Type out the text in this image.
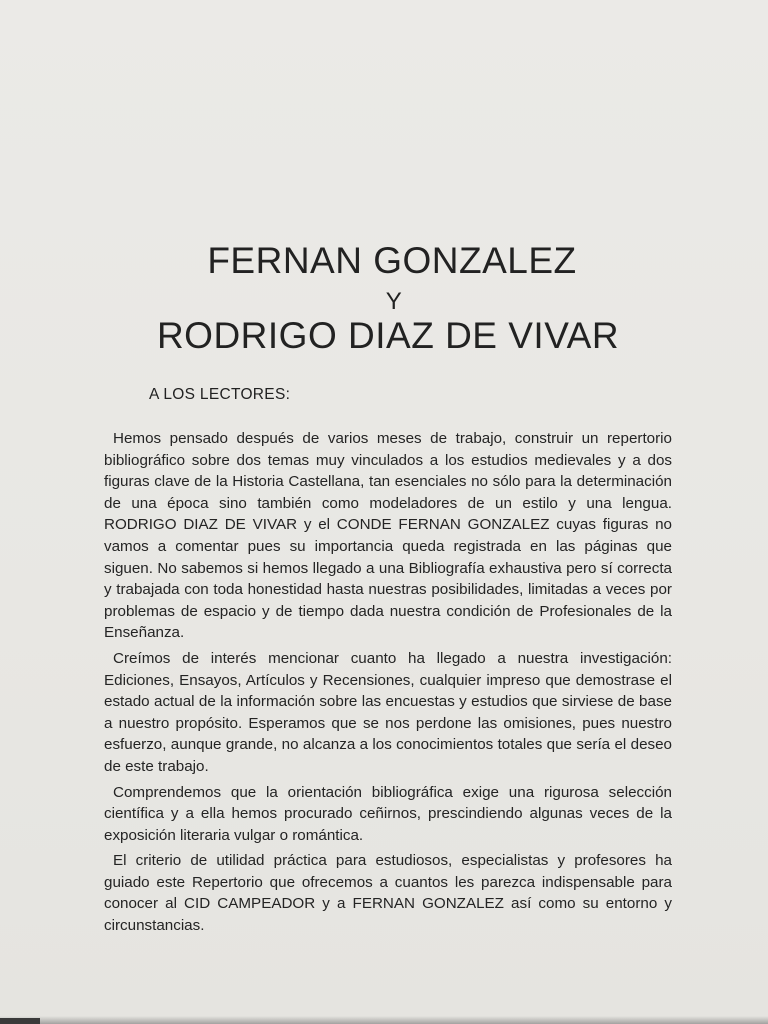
FERNAN GONZALEZ
Y
RODRIGO DIAZ DE VIVAR
A LOS LECTORES:

Hemos pensado después de varios meses de trabajo, construir un repertorio bibliográfico sobre dos temas muy vinculados a los estudios medievales y a dos figuras clave de la Historia Castellana, tan esenciales no sólo para la determinación de una época sino también como modeladores de un estilo y una lengua. RODRIGO DIAZ DE VIVAR y el CONDE FERNAN GONZALEZ cuyas figuras no vamos a comentar pues su importancia queda registrada en las páginas que siguen. No sabemos si hemos llegado a una Bibliografía exhaustiva pero sí correcta y trabajada con toda honestidad hasta nuestras posibilidades, limitadas a veces por problemas de espacio y de tiempo dada nuestra condición de Profesionales de la Enseñanza.

Creímos de interés mencionar cuanto ha llegado a nuestra investigación: Ediciones, Ensayos, Artículos y Recensiones, cualquier impreso que demostrase el estado actual de la información sobre las encuestas y estudios que sirviese de base a nuestro propósito. Esperamos que se nos perdone las omisiones, pues nuestro esfuerzo, aunque grande, no alcanza a los conocimientos totales que sería el deseo de este trabajo.

Comprendemos que la orientación bibliográfica exige una rigurosa selección científica y a ella hemos procurado ceñirnos, prescindiendo algunas veces de la exposición literaria vulgar o romántica.

El criterio de utilidad práctica para estudiosos, especialistas y profesores ha guiado este Repertorio que ofrecemos a cuantos les parezca indispensable para conocer al CID CAMPEADOR y a FERNAN GONZALEZ así como su entorno y circunstancias.
